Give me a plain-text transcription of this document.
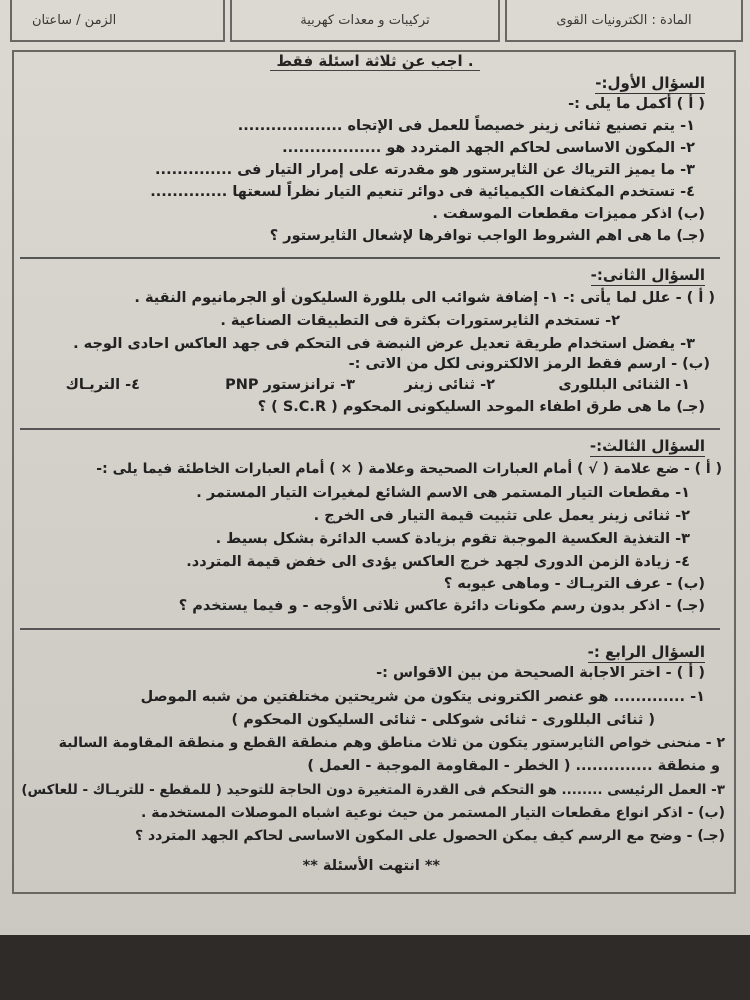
المادة : الكترونيات القوى
تركيبات و معدات كهربية
الزمن / ساعتان
اجب عن ثلاثة اسئلة فقط .
السؤال الأول:-
( أ ) أكمل ما يلى :-
١- يتم تصنيع ثنائى زينر خصيصاً للعمل فى الإتجاه ...................
٢- المكون الاساسى لحاكم الجهد المتردد هو ..................
٣- ما يميز الترياك عن الثايرستور هو مقدرته على إمرار التيار فى ..............
٤- تستخدم المكثفات الكيميائية فى دوائر تنعيم التيار نظراً لسعتها ..............
(ب) اذكر مميزات مقطعات الموسفت .
(جـ) ما هى اهم الشروط الواجب توافرها لإشعال الثايرستور ؟
السؤال الثانى:-
( أ ) - علل لما يأتى :- ١- إضافة شوائب الى بللورة السليكون أو الجرمانيوم النقية .
٢- تستخدم الثايرستورات بكثرة فى التطبيقات الصناعية .
٣- يفضل استخدام طريقة تعديل عرض النبضة فى التحكم فى جهد العاكس احادى الوجه .
(ب) - ارسم فقط الرمز الالكترونى لكل من الاتى :-
١- الثنائى البللورى
٢- ثنائى زينر
٣- ترانزستور PNP
٤- التريـاك
(جـ) ما هى طرق اطفاء الموحد السليكونى المحكوم ( S.C.R ) ؟
السؤال الثالث:-
( أ ) - ضع علامة ( √ ) أمام العبارات الصحيحة وعلامة ( × ) أمام العبارات الخاطئة فيما يلى :-
١- مقطعات التيار المستمر هى الاسم الشائع لمغيرات التيار المستمر .
٢- ثنائى زينر يعمل على تثبيت قيمة التيار فى الخرج .
٣- التغذية العكسية الموجبة تقوم بزيادة كسب الدائرة بشكل بسيط .
٤- زيادة الزمن الدورى لجهد خرج العاكس يؤدى الى خفض قيمة المتردد.
(ب) - عرف التريـاك - وماهى عيوبه ؟
(جـ) - اذكر بدون رسم مكونات دائرة عاكس ثلاثى الأوجه - و فيما يستخدم ؟
السؤال الرابع :-
( أ ) - اختر الاجابة الصحيحة من بين الاقواس :-
١- ............. هو عنصر الكترونى يتكون من شريحتين مختلفتين من شبه الموصل
( ثنائى البللورى - ثنائى شوكلى - ثنائى السليكون المحكوم )
٢ - منحنى خواص الثايرستور يتكون من ثلاث مناطق وهم منطقة القطع و منطقة المقاومة السالبة
و منطقة .............. ( الخطر - المقاومة الموجبة - العمل )
٣- العمل الرئيسى ........ هو التحكم فى القدرة المتغيرة دون الحاجة للتوحيد ( للمقطع - للتريـاك - للعاكس)
(ب) - اذكر انواع مقطعات التيار المستمر من حيث نوعية اشباه الموصلات المستخدمة .
(جـ) - وضح مع الرسم كيف يمكن الحصول على المكون الاساسى لحاكم الجهد المتردد ؟
** انتهت الأسئلة **
